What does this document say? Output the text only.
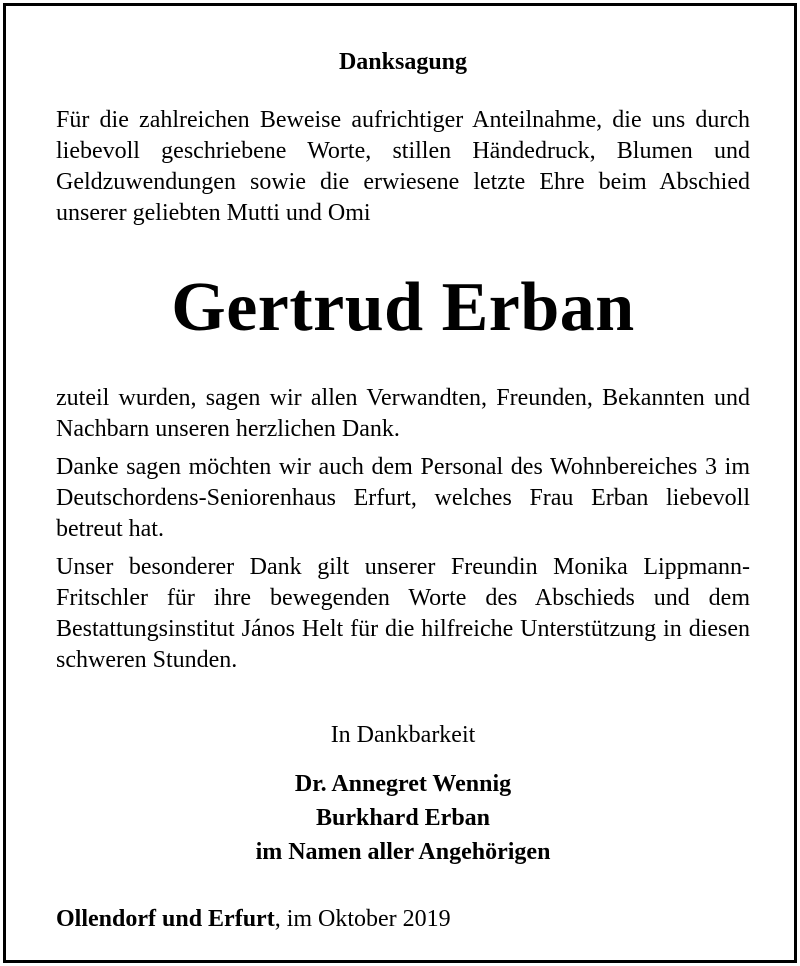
Danksagung

Für die zahlreichen Beweise aufrichtiger Anteilnahme, die uns durch liebevoll geschriebene Worte, stillen Händedruck, Blumen und Geldzuwendungen sowie die erwiesene letzte Ehre beim Abschied unserer geliebten Mutti und Omi

Gertrud Erban

zuteil wurden, sagen wir allen Verwandten, Freunden, Bekannten und Nachbarn unseren herzlichen Dank.

Danke sagen möchten wir auch dem Personal des Wohnbereiches 3 im Deutschordens-Seniorenhaus Erfurt, welches Frau Erban liebevoll betreut hat.

Unser besonderer Dank gilt unserer Freundin Monika Lippmann-Fritschler für ihre bewegenden Worte des Abschieds und dem Bestattungsinstitut János Helt für die hilfreiche Unterstützung in diesen schweren Stunden.

In Dankbarkeit
Dr. Annegret Wennig
Burkhard Erban
im Namen aller Angehörigen
Ollendorf und Erfurt, im Oktober 2019
